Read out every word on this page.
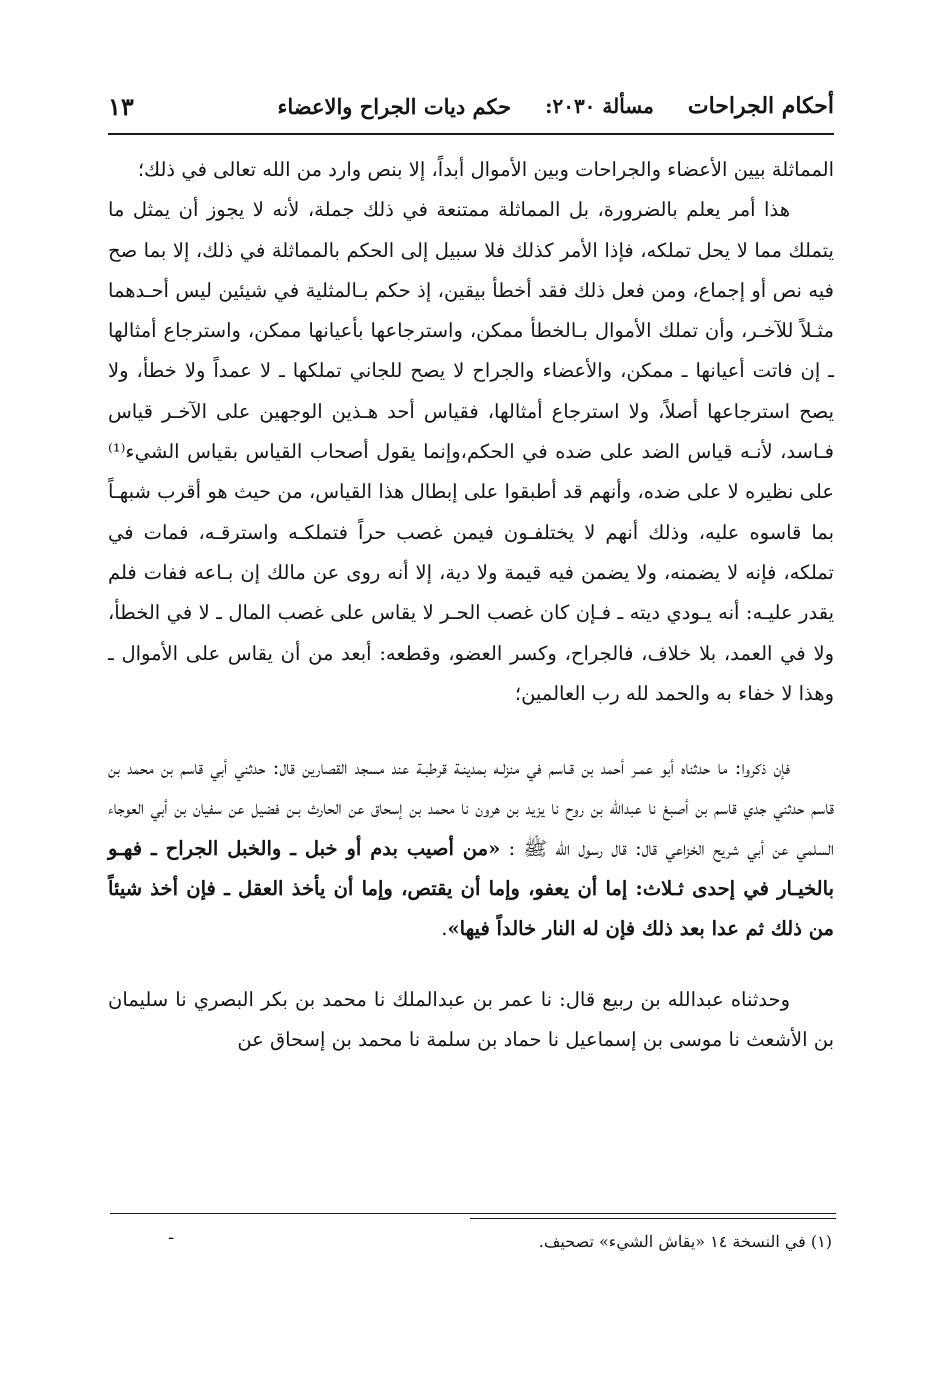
أحكام الجراحات
مسألة ٢٠٣٠:
حكم ديات الجراح والاعضاء
١٣

المماثلة بيين الأعضاء والجراحات وبين الأموال أبداً، إلا بنص وارد من الله تعالى في ذلك؛

هذا أمر يعلم بالضرورة، بل المماثلة ممتنعة في ذلك جملة، لأنه لا يجوز أن يمثل ما يتملك مما لا يحل تملكه، فإذا الأمر كذلك فلا سبيل إلى الحكم بالمماثلة في ذلك، إلا بما صح فيه نص أو إجماع، ومن فعل ذلك فقد أخطأ بيقين، إذ حكم بـالمثلية في شيئين ليس أحـدهما مثـلاً للآخـر، وأن تملك الأموال بـالخطأ ممكن، واسترجاعها بأعيانها ممكن، واسترجاع أمثالها ـ إن فاتت أعيانها ـ ممكن، والأعضاء والجراح لا يصح للجاني تملكها ـ لا عمداً ولا خطأ، ولا يصح استرجاعها أصلاً، ولا استرجاع أمثالها، فقياس أحد هـذين الوجهين على الآخـر قياس فـاسد، لأنـه قياس الضد على ضده في الحكم،وإنما يقول أصحاب القياس بقياس الشيء⁽¹⁾على نظيره لا على ضده، وأنهم قد أطبقوا على إبطال هذا القياس، من حيث هو أقرب شبهـاً بما قاسوه عليه، وذلك أنهم لا يختلفـون فيمن غصب حراً فتملكـه واسترقـه، فمات في تملكه، فإنه لا يضمنه، ولا يضمن فيه قيمة ولا دية، إلا أنه روى عن مالك إن بـاعه ففات فلم يقدر عليـه: أنه يـودي ديته ـ فـإن كان غصب الحـر لا يقاس على غصب المال ـ لا في الخطأ، ولا في العمد، بلا خلاف، فالجراح، وكسر العضو، وقطعه: أبعد من أن يقاس على الأموال ـ وهذا لا خفاء به والحمد لله رب العالمين؛

فإن ذكروا: ما حدثناه أبو عمـر أحمد بن قـاسم في منزلـه بمدينـة قرطبـة عند مسجد القصارين قال: حدثني أبي قاسم بن محمد بن قاسم حدثني جدي قاسم بن أصبغ نا عبدالله بن روح نا يزيد بن هرون نا محمد بن إسحاق عن الحارث بـن فضيل عن سفيان بن أبي العوجاء السلمي عن أبي شريح الخزاعي قال: قال رسول الله ﷺ : «من أصيب بدم أو خبل ـ والخبل الجراح ـ فهـو بالخيـار في إحدى ثـلاث: إما أن يعفو، وإما أن يقتص، وإما أن يأخذ العقل ـ فإن أخذ شيئاً من ذلك ثم عدا بعد ذلك فإن له النار خالداً فيها».

وحدثناه عبدالله بن ربيع قال: نا عمر بن عبدالملك نا محمد بن بكر البصري نا سليمان بن الأشعث نا موسى بن إسماعيل نا حماد بن سلمة نا محمد بن إسحاق عن

(١) في النسخة ١٤ «يقاش الشيء» تصحيف.
-
